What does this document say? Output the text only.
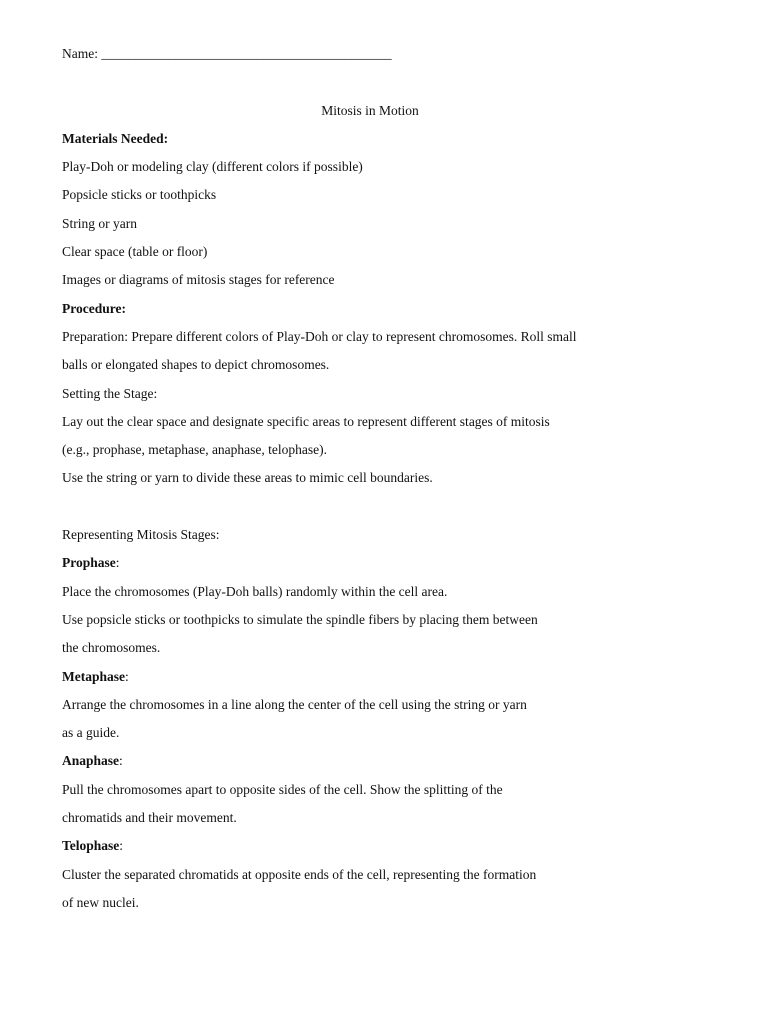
Name: ___________________________________________
Mitosis in Motion
Materials Needed:
Play-Doh or modeling clay (different colors if possible)
Popsicle sticks or toothpicks
String or yarn
Clear space (table or floor)
Images or diagrams of mitosis stages for reference
Procedure:
Preparation: Prepare different colors of Play-Doh or clay to represent chromosomes. Roll small
balls or elongated shapes to depict chromosomes.
Setting the Stage:
Lay out the clear space and designate specific areas to represent different stages of mitosis
(e.g., prophase, metaphase, anaphase, telophase).
Use the string or yarn to divide these areas to mimic cell boundaries.
Representing Mitosis Stages:
Prophase:
Place the chromosomes (Play-Doh balls) randomly within the cell area.
Use popsicle sticks or toothpicks to simulate the spindle fibers by placing them between
the chromosomes.
Metaphase:
Arrange the chromosomes in a line along the center of the cell using the string or yarn
as a guide.
Anaphase:
Pull the chromosomes apart to opposite sides of the cell. Show the splitting of the
chromatids and their movement.
Telophase:
Cluster the separated chromatids at opposite ends of the cell, representing the formation
of new nuclei.
